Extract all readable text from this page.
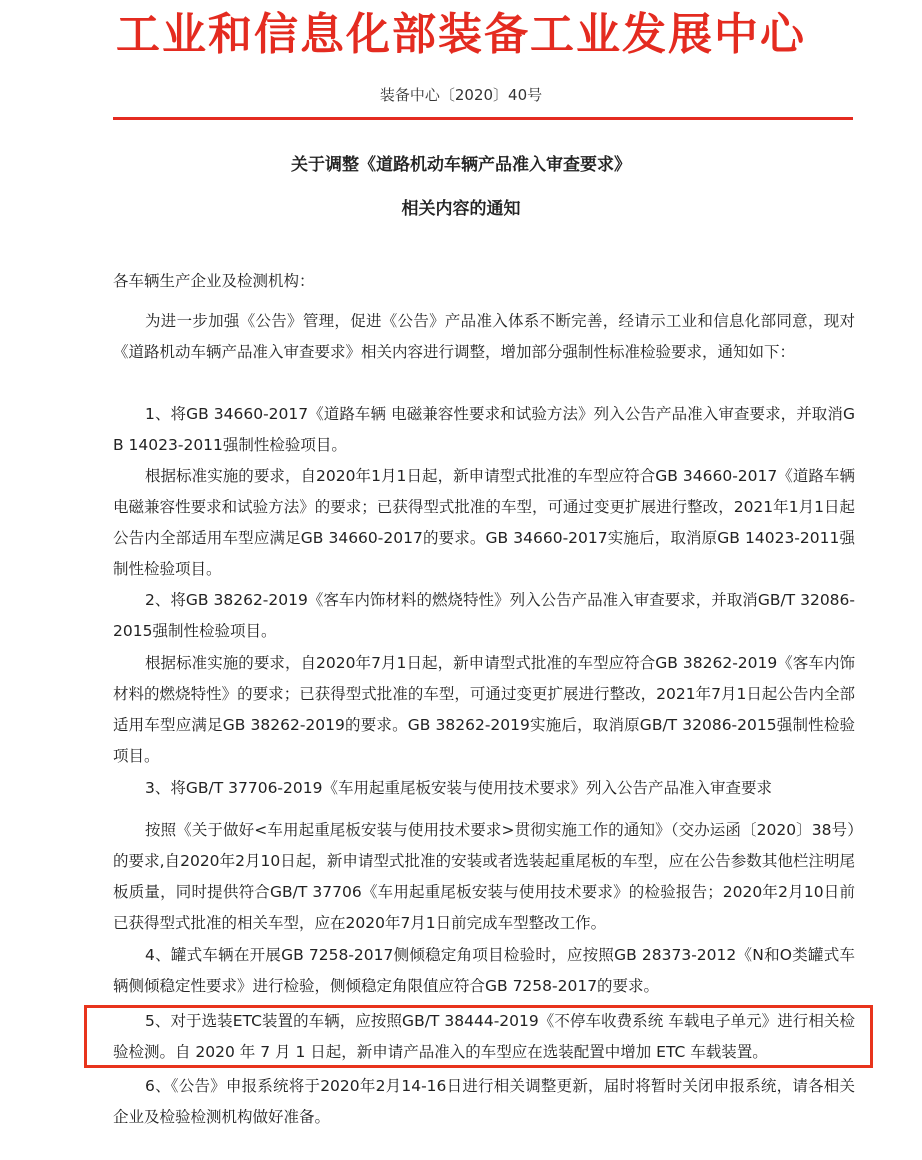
工业和信息化部装备工业发展中心
装备中心〔2020〕40号
关于调整《道路机动车辆产品准入审查要求》
相关内容的通知
各车辆生产企业及检测机构：
为进一步加强《公告》管理，促进《公告》产品准入体系不断完善，经请示工业和信息化部同意，现对《道路机动车辆产品准入审查要求》相关内容进行调整，增加部分强制性标准检验要求，通知如下：
1、将GB 34660-2017《道路车辆 电磁兼容性要求和试验方法》列入公告产品准入审查要求，并取消GB 14023-2011强制性检验项目。
根据标准实施的要求，自2020年1月1日起，新申请型式批准的车型应符合GB 34660-2017《道路车辆 电磁兼容性要求和试验方法》的要求；已获得型式批准的车型，可通过变更扩展进行整改，2021年1月1日起公告内全部适用车型应满足GB 34660-2017的要求。GB 34660-2017实施后，取消原GB 14023-2011强制性检验项目。
2、将GB 38262-2019《客车内饰材料的燃烧特性》列入公告产品准入审查要求，并取消GB/T 32086-2015强制性检验项目。
根据标准实施的要求，自2020年7月1日起，新申请型式批准的车型应符合GB 38262-2019《客车内饰材料的燃烧特性》的要求；已获得型式批准的车型，可通过变更扩展进行整改，2021年7月1日起公告内全部适用车型应满足GB 38262-2019的要求。GB 38262-2019实施后，取消原GB/T 32086-2015强制性检验项目。
3、将GB/T 37706-2019《车用起重尾板安装与使用技术要求》列入公告产品准入审查要求
按照《关于做好<车用起重尾板安装与使用技术要求>贯彻实施工作的通知》（交办运函〔2020〕38号）的要求,自2020年2月10日起，新申请型式批准的安装或者选装起重尾板的车型，应在公告参数其他栏注明尾板质量，同时提供符合GB/T 37706《车用起重尾板安装与使用技术要求》的检验报告；2020年2月10日前已获得型式批准的相关车型，应在2020年7月1日前完成车型整改工作。
4、罐式车辆在开展GB 7258-2017侧倾稳定角项目检验时，应按照GB 28373-2012《N和O类罐式车辆侧倾稳定性要求》进行检验，侧倾稳定角限值应符合GB 7258-2017的要求。
5、对于选装ETC装置的车辆，应按照GB/T 38444-2019《不停车收费系统 车载电子单元》进行相关检验检测。自 2020 年 7 月 1 日起，新申请产品准入的车型应在选装配置中增加 ETC 车载装置。
6、《公告》申报系统将于2020年2月14-16日进行相关调整更新，届时将暂时关闭申报系统，请各相关企业及检验检测机构做好准备。
